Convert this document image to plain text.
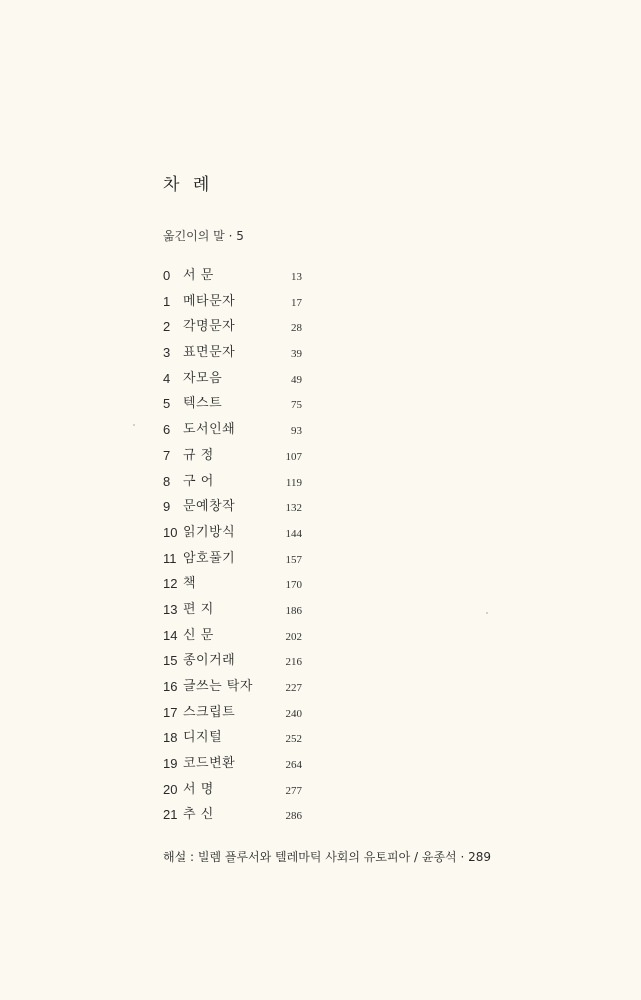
차 례
옮긴이의 말 · 5
0 서 문	13
1 메타문자	17
2 각명문자	28
3 표면문자	39
4 자모음	49
5 텍스트	75
6 도서인쇄	93
7 규 정	107
8 구 어	119
9 문예창작	132
10 읽기방식	144
11 암호풀기	157
12 책	170
13 편 지	186
14 신 문	202
15 종이거래	216
16 글쓰는 탁자	227
17 스크립트	240
18 디지털	252
19 코드변환	264
20 서 명	277
21 추 신	286
해설 : 빌렘 플루서와 텔레마틱 사회의 유토피아 / 윤종석 · 289
